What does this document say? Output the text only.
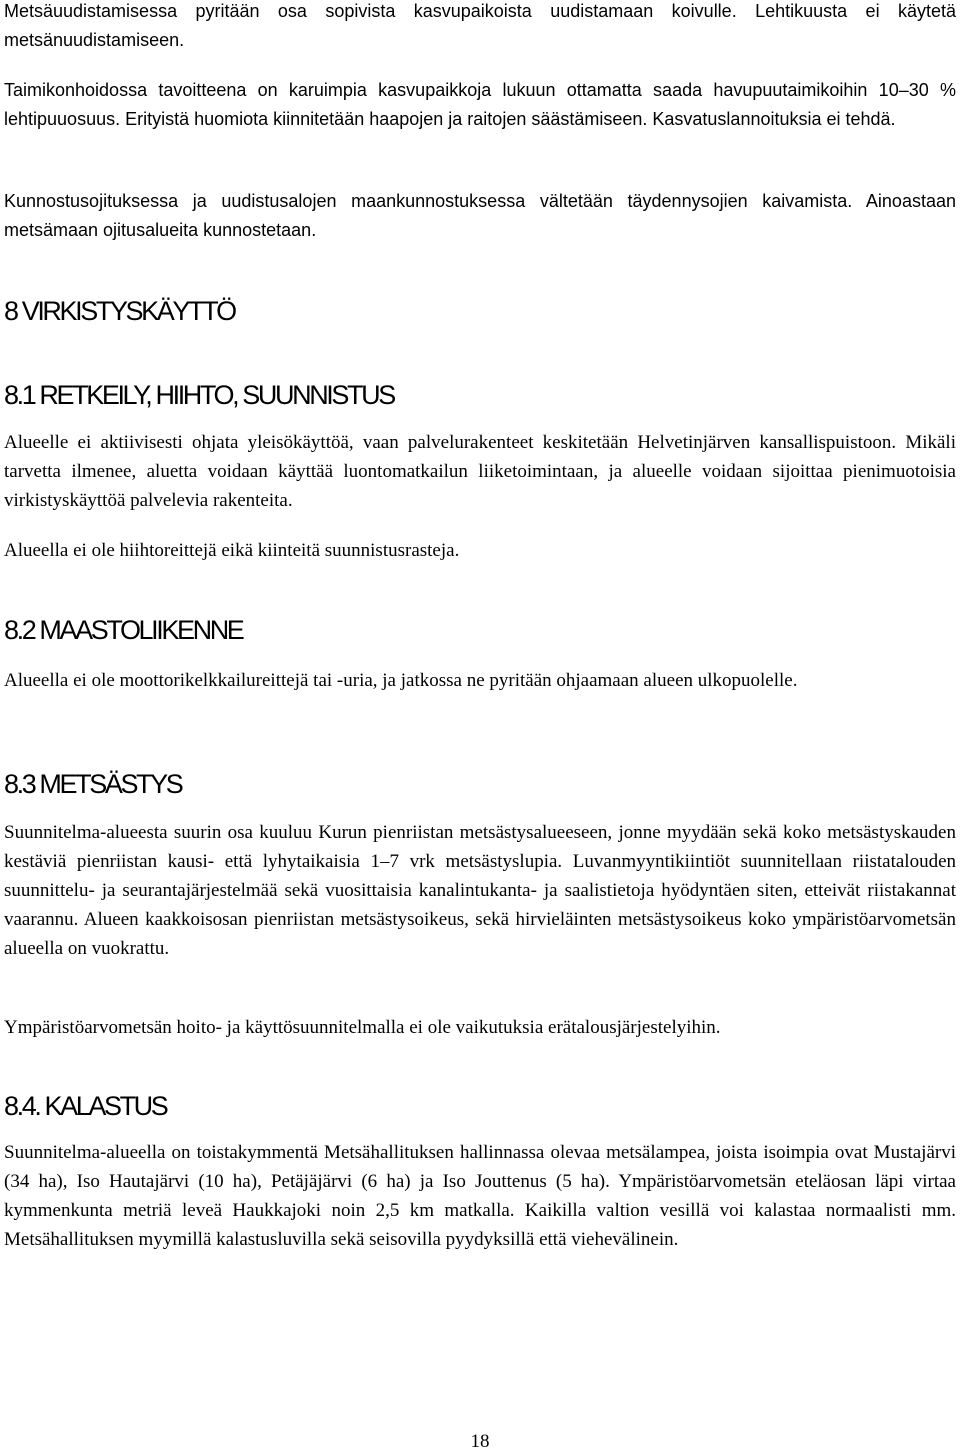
Metsäuudistamisessa pyritään osa sopivista kasvupaikoista uudistamaan koivulle. Lehtikuusta ei käytetä metsänuudistamiseen.

Taimikonhoidossa tavoitteena on karuimpia kasvupaikkoja lukuun ottamatta saada havupuutaimikoihin 10–30 % lehtipuuosuus. Erityistä huomiota kiinnitetään haapojen ja raitojen säästämiseen. Kasvatuslannoituksia ei tehdä.

Kunnostusojituksessa ja uudistusalojen maankunnostuksessa vältetään täydennysojien kaivamista. Ainoastaan metsämaan ojitusalueita kunnostetaan.

8 VIRKISTYSKÄYTTÖ
8.1 RETKEILY, HIIHTO, SUUNNISTUS

Alueelle ei aktiivisesti ohjata yleisökäyttöä, vaan palvelurakenteet keskitetään Helvetinjärven kansallispuistoon. Mikäli tarvetta ilmenee, aluetta voidaan käyttää luontomatkailun liiketoimintaan, ja alueelle voidaan sijoittaa pienimuotoisia virkistyskäyttöä palvelevia rakenteita.

Alueella ei ole hiihtoreittejä eikä kiinteitä suunnistusrasteja.

8.2 MAASTOLIIKENNE

Alueella ei ole moottorikelkkailureittejä tai -uria, ja jatkossa ne pyritään ohjaamaan alueen ulkopuolelle.

8.3 METSÄSTYS

Suunnitelma-alueesta suurin osa kuuluu Kurun pienriistan metsästysalueeseen, jonne myydään sekä koko metsästyskauden kestäviä pienriistan kausi- että lyhytaikaisia 1–7 vrk metsästyslupia. Luvanmyyntikiintiöt suunnitellaan riistatalouden suunnittelu- ja seurantajärjestelmää sekä vuosittaisia kanalintukanta- ja saalistietoja hyödyntäen siten, etteivät riistakannat vaarannu. Alueen kaakkoisosan pienriistan metsästysoikeus, sekä hirvieläinten metsästysoikeus koko ympäristöarvometsän alueella on vuokrattu.

Ympäristöarvometsän hoito- ja käyttösuunnitelmalla ei ole vaikutuksia erätalousjärjestelyihin.

8.4. KALASTUS

Suunnitelma-alueella on toistakymmentä Metsähallituksen hallinnassa olevaa metsälampea, joista isoimpia ovat Mustajärvi (34 ha), Iso Hautajärvi (10 ha), Petäjäjärvi (6 ha) ja Iso Jouttenus (5 ha). Ympäristöarvometsän eteläosan läpi virtaa kymmenkunta metriä leveä Haukkajoki noin 2,5 km matkalla. Kaikilla valtion vesillä voi kalastaa normaalisti mm. Metsähallituksen myymillä kalastusluvilla sekä seisovilla pyydyksillä että viehevälinein.

18
